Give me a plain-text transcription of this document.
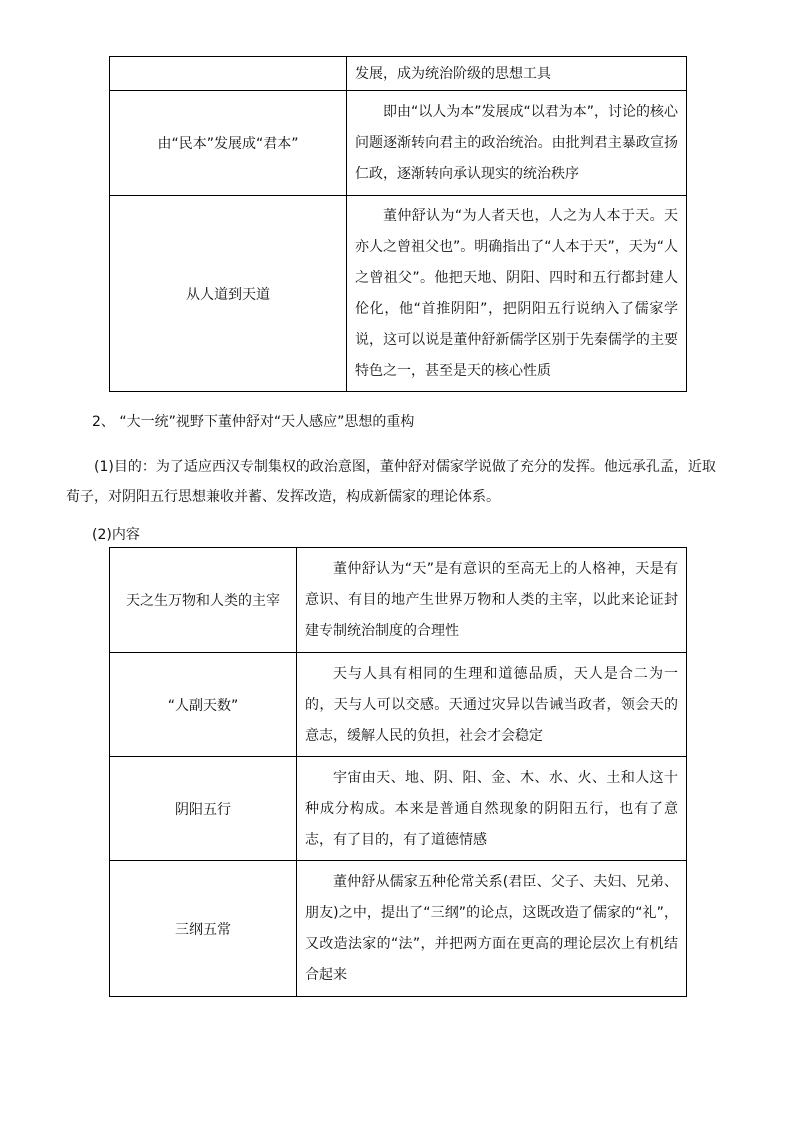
	发展，成为统治阶级的思想工具
由“民本”发展成“君本”	即由“以人为本”发展成“以君为本”，讨论的核心问题逐渐转向君主的政治统治。由批判君主暴政宣扬仁政，逐渐转向承认现实的统治秩序
从人道到天道	董仲舒认为“为人者天也，人之为人本于天。天亦人之曾祖父也”。明确指出了“人本于天”，天为“人之曾祖父”。他把天地、阴阳、四时和五行都封建人伦化，他“首推阴阳”，把阴阳五行说纳入了儒家学说，这可以说是董仲舒新儒学区别于先秦儒学的主要特色之一，甚至是天的核心性质
2、 “大一统”视野下董仲舒对“天人感应”思想的重构
(1)目的：为了适应西汉专制集权的政治意图，董仲舒对儒家学说做了充分的发挥。他远承孔孟，近取荀子，对阴阳五行思想兼收并蓄、发挥改造，构成新儒家的理论体系。
(2)内容
天之生万物和人类的主宰	董仲舒认为“天”是有意识的至高无上的人格神，天是有意识、有目的地产生世界万物和人类的主宰，以此来论证封建专制统治制度的合理性
“人副天数”	天与人具有相同的生理和道德品质，天人是合二为一的，天与人可以交感。天通过灾异以告诫当政者，领会天的意志，缓解人民的负担，社会才会稳定
阴阳五行	宇宙由天、地、阴、阳、金、木、水、火、土和人这十种成分构成。本来是普通自然现象的阴阳五行，也有了意志，有了目的，有了道德情感
三纲五常	董仲舒从儒家五种伦常关系(君臣、父子、夫妇、兄弟、朋友)之中，提出了“三纲”的论点，这既改造了儒家的“礼”，又改造法家的“法”，并把两方面在更高的理论层次上有机结合起来
